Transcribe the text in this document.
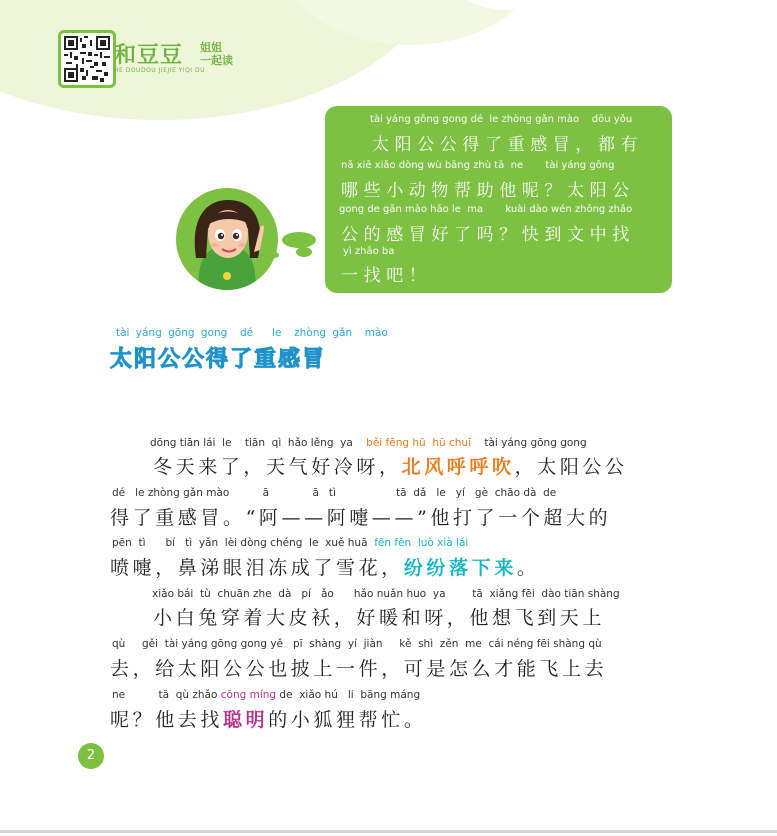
和豆豆	姐姐
一起读
HE DOUDOU JIEJIE YIQI DU
tài yáng gōng gong dé  le zhòng gǎn mào    dōu yǒu
太阳公公得了重感冒，都有
nǎ xiē xiǎo dòng wù bāng zhù tā  ne       tài yáng gōng
哪些小动物帮助他呢？太阳公
gong de gǎn mào hǎo le  ma       kuài dào wén zhōng zhǎo
公的感冒好了吗？快到文中找
yì zhǎo ba
一找吧！
tài yáng gōng gong  dé   le  zhòng gǎn  mào
太阳公公得了重感冒
dōng tiān lái  le    tiān  qì  hǎo lěng  ya    běi fēng hū  hū chuī    tài yáng gōng gong
冬天来了，天气好冷呀，北风呼呼吹，太阳公公
dé   le zhòng gǎn mào          ā             ā   tì                  tā  dǎ   le   yí   gè  chāo dà  de
得了重感冒。“阿——阿嚏——”他打了一个超大的
pēn  tì      bí   tì  yǎn  lèi dòng chéng  le  xuě huā  fēn fēn  luò xià lái
喷嚏，鼻涕眼泪冻成了雪花，纷纷落下来。
xiǎo bái  tù  chuān zhe  dà   pí   ǎo      hǎo nuǎn huo  ya        tā  xiǎng fēi  dào tiān shàng
小白兔穿着大皮袄，好暖和呀，他想飞到天上
qù     gěi  tài yáng gōng gong yě   pī  shàng  yí  jiàn     kě  shì  zěn  me  cái néng fēi shàng qù
去，给太阳公公也披上一件，可是怎么才能飞上去
ne          tā  qù zhǎo cōng míng de  xiǎo hú   li  bāng máng
呢？他去找聪明的小狐狸帮忙。
2
